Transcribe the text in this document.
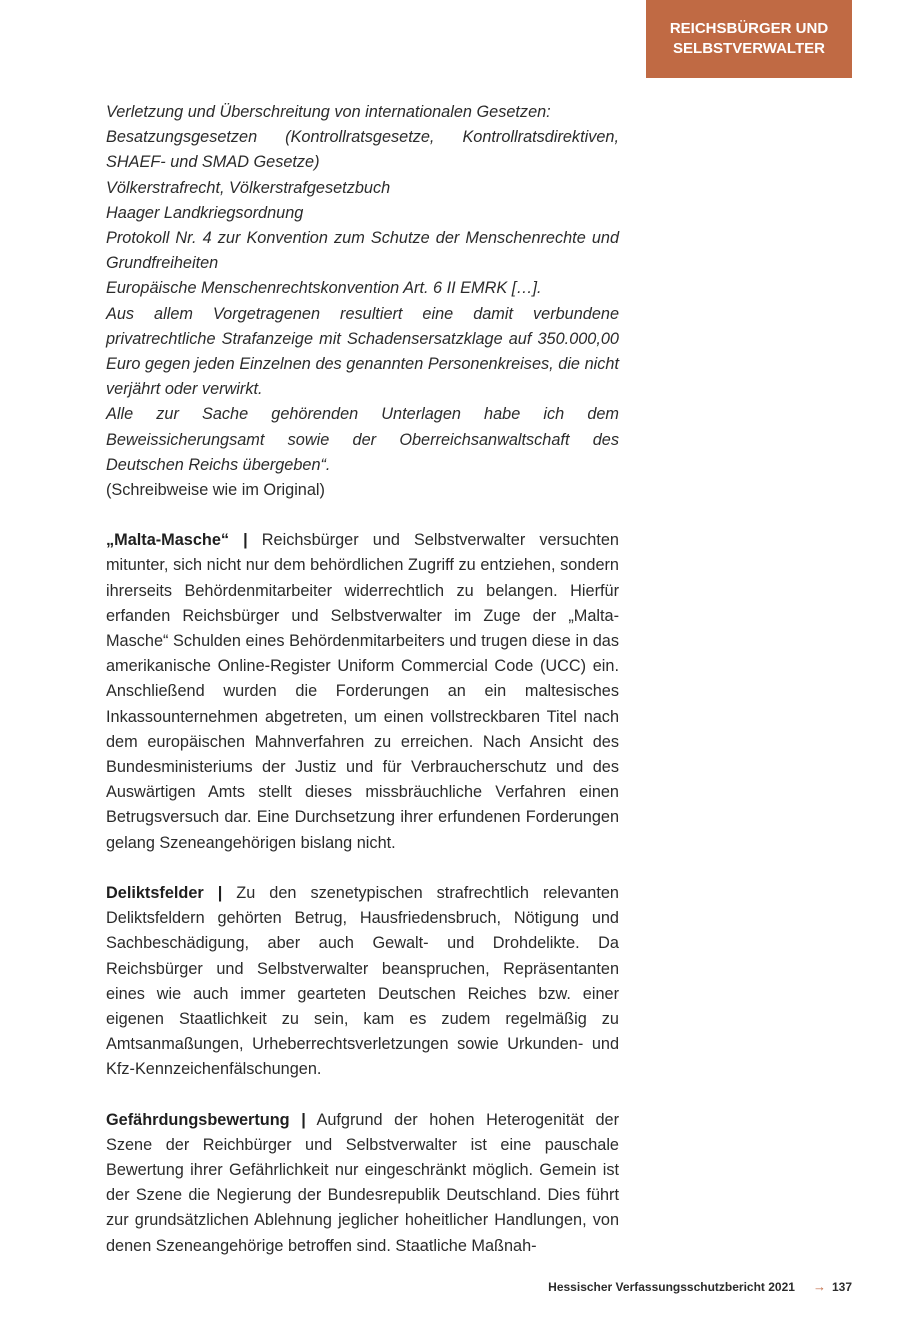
REICHSBÜRGER UND
SELBSTVERWALTER

Verletzung und Überschreitung von internationalen Gesetzen:

Besatzungsgesetzen (Kontrollratsgesetze, Kontrollratsdirektiven, SHAEF- und SMAD Gesetze)

Völkerstrafrecht, Völkerstrafgesetzbuch

Haager Landkriegsordnung

Protokoll Nr. 4 zur Konvention zum Schutze der Menschenrechte und Grundfreiheiten

Europäische Menschenrechtskonvention Art. 6 II EMRK […].

Aus allem Vorgetragenen resultiert eine damit verbundene privatrechtliche Strafanzeige mit Schadensersatzklage auf 350.000,00 Euro gegen jeden Einzelnen des genannten Personenkreises, die nicht verjährt oder verwirkt.

Alle zur Sache gehörenden Unterlagen habe ich dem Beweissicherungsamt sowie der Oberreichsanwaltschaft des Deutschen Reichs übergeben“.

(Schreibweise wie im Original)

„Malta-Masche“ | Reichsbürger und Selbstverwalter versuchten mitunter, sich nicht nur dem behördlichen Zugriff zu entziehen, sondern ihrerseits Behördenmitarbeiter widerrechtlich zu belangen. Hierfür erfanden Reichsbürger und Selbstverwalter im Zuge der „Malta-Masche“ Schulden eines Behördenmitarbeiters und trugen diese in das amerikanische Online-Register Uniform Commercial Code (UCC) ein. Anschließend wurden die Forderungen an ein maltesisches Inkassounternehmen abgetreten, um einen vollstreckbaren Titel nach dem europäischen Mahnverfahren zu erreichen. Nach Ansicht des Bundesministeriums der Justiz und für Verbraucherschutz und des Auswärtigen Amts stellt dieses missbräuchliche Verfahren einen Betrugsversuch dar. Eine Durchsetzung ihrer erfundenen Forderungen gelang Szeneangehörigen bislang nicht.

Deliktsfelder | Zu den szenetypischen strafrechtlich relevanten Deliktsfeldern gehörten Betrug, Hausfriedensbruch, Nötigung und Sachbeschädigung, aber auch Gewalt- und Drohdelikte. Da Reichsbürger und Selbstverwalter beanspruchen, Repräsentanten eines wie auch immer gearteten Deutschen Reiches bzw. einer eigenen Staatlichkeit zu sein, kam es zudem regelmäßig zu Amtsanmaßungen, Urheberrechtsverletzungen sowie Urkunden- und Kfz-Kennzeichenfälschungen.

Gefährdungsbewertung | Aufgrund der hohen Heterogenität der Szene der Reichbürger und Selbstverwalter ist eine pauschale Bewertung ihrer Gefährlichkeit nur eingeschränkt möglich. Gemein ist der Szene die Negierung der Bundesrepublik Deutschland. Dies führt zur grundsätzlichen Ablehnung jeglicher hoheitlicher Handlungen, von denen Szeneangehörige betroffen sind. Staatliche Maßnah-

Hessischer Verfassungsschutzbericht 2021 → 137
